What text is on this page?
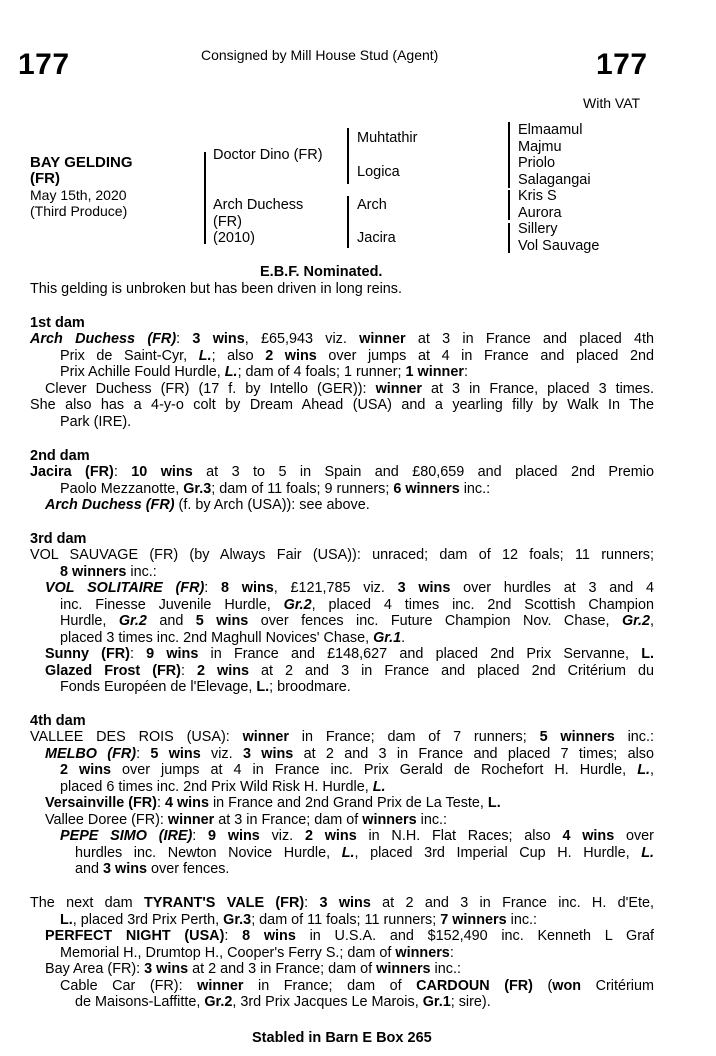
177	Consigned by Mill House Stud (Agent)	177
With VAT
BAY GELDING
(FR)
May 15th, 2020
(Third Produce)
Doctor Dino (FR)
Arch Duchess
(FR)
(2010)
Muhtathir
Logica
Arch
Jacira
Elmaamul
Majmu
Priolo
Salagangai
Kris S
Aurora
Sillery
Vol Sauvage
E.B.F. Nominated.
This gelding is unbroken but has been driven in long reins.
1st dam
Arch Duchess (FR): 3 wins, £65,943 viz. winner at 3 in France and placed 4th
Prix de Saint-Cyr, L.; also 2 wins over jumps at 4 in France and placed 2nd
Prix Achille Fould Hurdle, L.; dam of 4 foals; 1 runner; 1 winner:
Clever Duchess (FR) (17 f. by Intello (GER)): winner at 3 in France, placed 3 times.
She also has a 4-y-o colt by Dream Ahead (USA) and a yearling filly by Walk In The
Park (IRE).
2nd dam
Jacira (FR): 10 wins at 3 to 5 in Spain and £80,659 and placed 2nd Premio
Paolo Mezzanotte, Gr.3; dam of 11 foals; 9 runners; 6 winners inc.:
Arch Duchess (FR) (f. by Arch (USA)): see above.
3rd dam
VOL SAUVAGE (FR) (by Always Fair (USA)): unraced; dam of 12 foals; 11 runners;
8 winners inc.:
VOL SOLITAIRE (FR): 8 wins, £121,785 viz. 3 wins over hurdles at 3 and 4
inc. Finesse Juvenile Hurdle, Gr.2, placed 4 times inc. 2nd Scottish Champion
Hurdle, Gr.2 and 5 wins over fences inc. Future Champion Nov. Chase, Gr.2,
placed 3 times inc. 2nd Maghull Novices' Chase, Gr.1.
Sunny (FR): 9 wins in France and £148,627 and placed 2nd Prix Servanne, L.
Glazed Frost (FR): 2 wins at 2 and 3 in France and placed 2nd Critérium du
Fonds Européen de l'Elevage, L.; broodmare.
4th dam
VALLEE DES ROIS (USA): winner in France; dam of 7 runners; 5 winners inc.:
MELBO (FR): 5 wins viz. 3 wins at 2 and 3 in France and placed 7 times; also
2 wins over jumps at 4 in France inc. Prix Gerald de Rochefort H. Hurdle, L.,
placed 6 times inc. 2nd Prix Wild Risk H. Hurdle, L.
Versainville (FR): 4 wins in France and 2nd Grand Prix de La Teste, L.
Vallee Doree (FR): winner at 3 in France; dam of winners inc.:
PEPE SIMO (IRE): 9 wins viz. 2 wins in N.H. Flat Races; also 4 wins over
hurdles inc. Newton Novice Hurdle, L., placed 3rd Imperial Cup H. Hurdle, L.
and 3 wins over fences.
The next dam TYRANT'S VALE (FR): 3 wins at 2 and 3 in France inc. H. d'Ete,
L., placed 3rd Prix Perth, Gr.3; dam of 11 foals; 11 runners; 7 winners inc.:
PERFECT NIGHT (USA): 8 wins in U.S.A. and $152,490 inc. Kenneth L Graf
Memorial H., Drumtop H., Cooper's Ferry S.; dam of winners:
Bay Area (FR): 3 wins at 2 and 3 in France; dam of winners inc.:
Cable Car (FR): winner in France; dam of CARDOUN (FR) (won Critérium
de Maisons-Laffitte, Gr.2, 3rd Prix Jacques Le Marois, Gr.1; sire).
Stabled in Barn E Box 265
